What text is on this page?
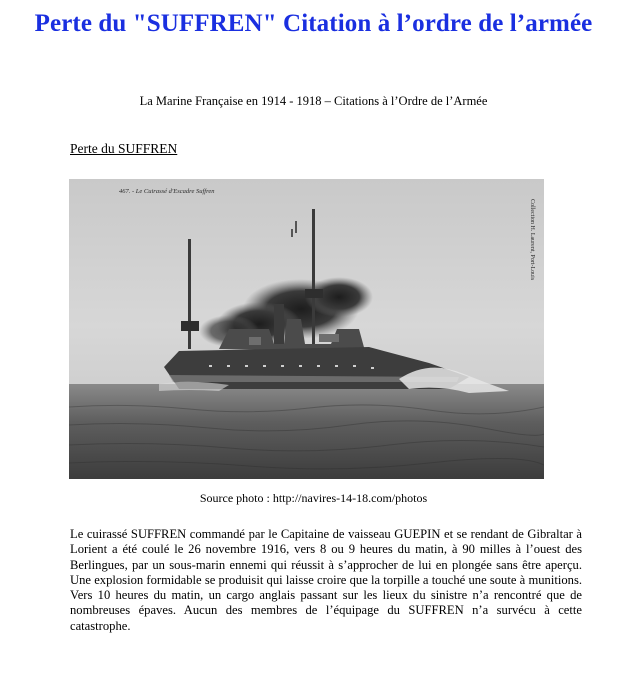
Perte du "SUFFREN" Citation à l’ordre de l’armée
La Marine Française en 1914 - 1918 – Citations à l’Ordre de l’Armée
Perte du SUFFREN
467. - Le Cuirassé d'Escadre Suffren
Collection H. Laurent, Port-Louis
Source photo : http://navires-14-18.com/photos

Le cuirassé SUFFREN commandé par le Capitaine de vaisseau GUEPIN et se rendant de Gibraltar à Lorient a été coulé le 26 novembre 1916, vers 8 ou 9 heures du matin, à 90 milles à l’ouest des Berlingues, par un sous-marin ennemi qui réussit à s’approcher de lui en plongée sans être aperçu. Une explosion formidable se produisit qui laisse croire que la torpille a touché une soute à munitions. Vers 10 heures du matin, un cargo anglais passant sur les lieux du sinistre n’a rencontré que de nombreuses épaves. Aucun des membres de l’équipage du SUFFREN n’a survécu à cette catastrophe.
